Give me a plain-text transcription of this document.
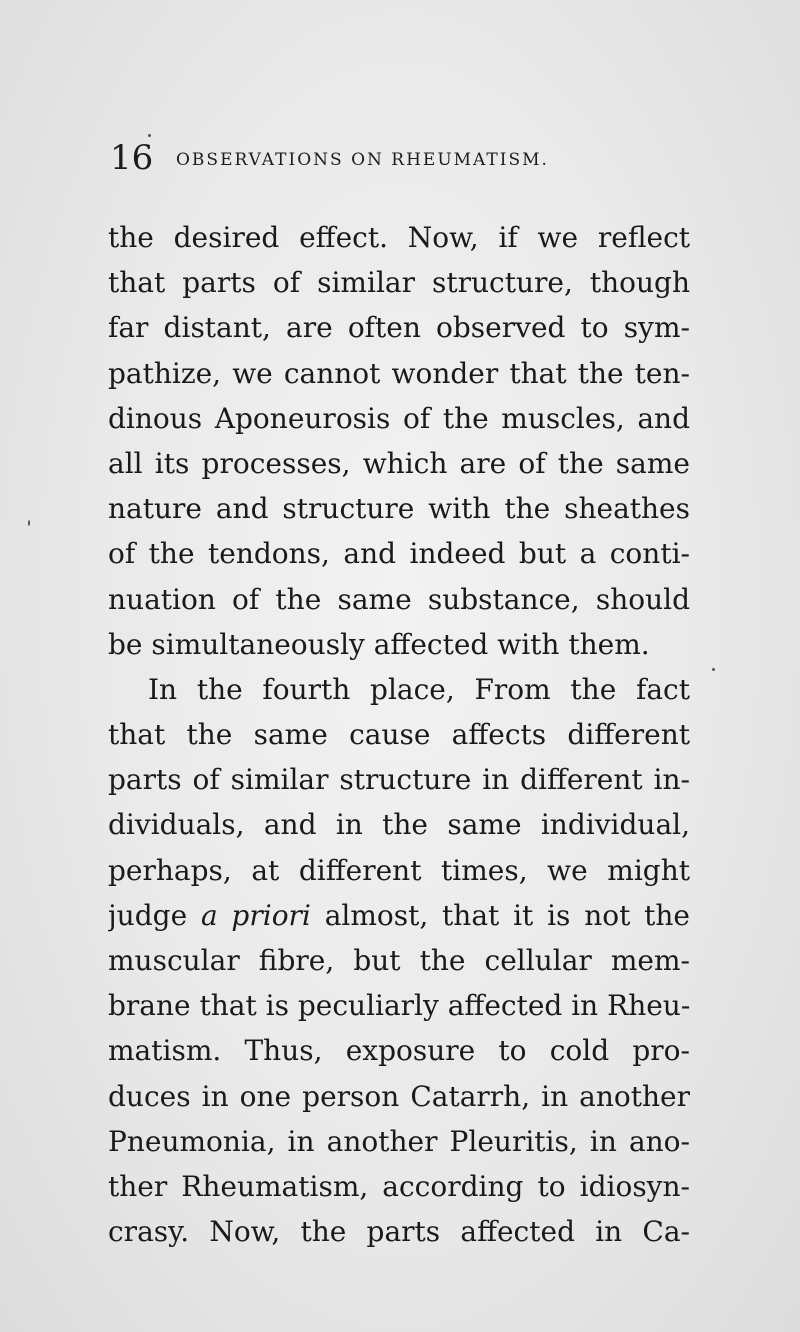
16 OBSERVATIONS ON RHEUMATISM.
the desired effect. Now, if we reflect
that parts of similar structure, though
far distant, are often observed to sym-
pathize, we cannot wonder that the ten-
dinous Aponeurosis of the muscles, and
all its processes, which are of the same
nature and structure with the sheathes
of the tendons, and indeed but a conti-
nuation of the same substance, should
be simultaneously affected with them.
In the fourth place, From the fact
that the same cause affects different
parts of similar structure in different in-
dividuals, and in the same individual,
perhaps, at different times, we might
judge a priori almost, that it is not the
muscular fibre, but the cellular mem-
brane that is peculiarly affected in Rheu-
matism. Thus, exposure to cold pro-
duces in one person Catarrh, in another
Pneumonia, in another Pleuritis, in ano-
ther Rheumatism, according to idiosyn-
crasy. Now, the parts affected in Ca-
